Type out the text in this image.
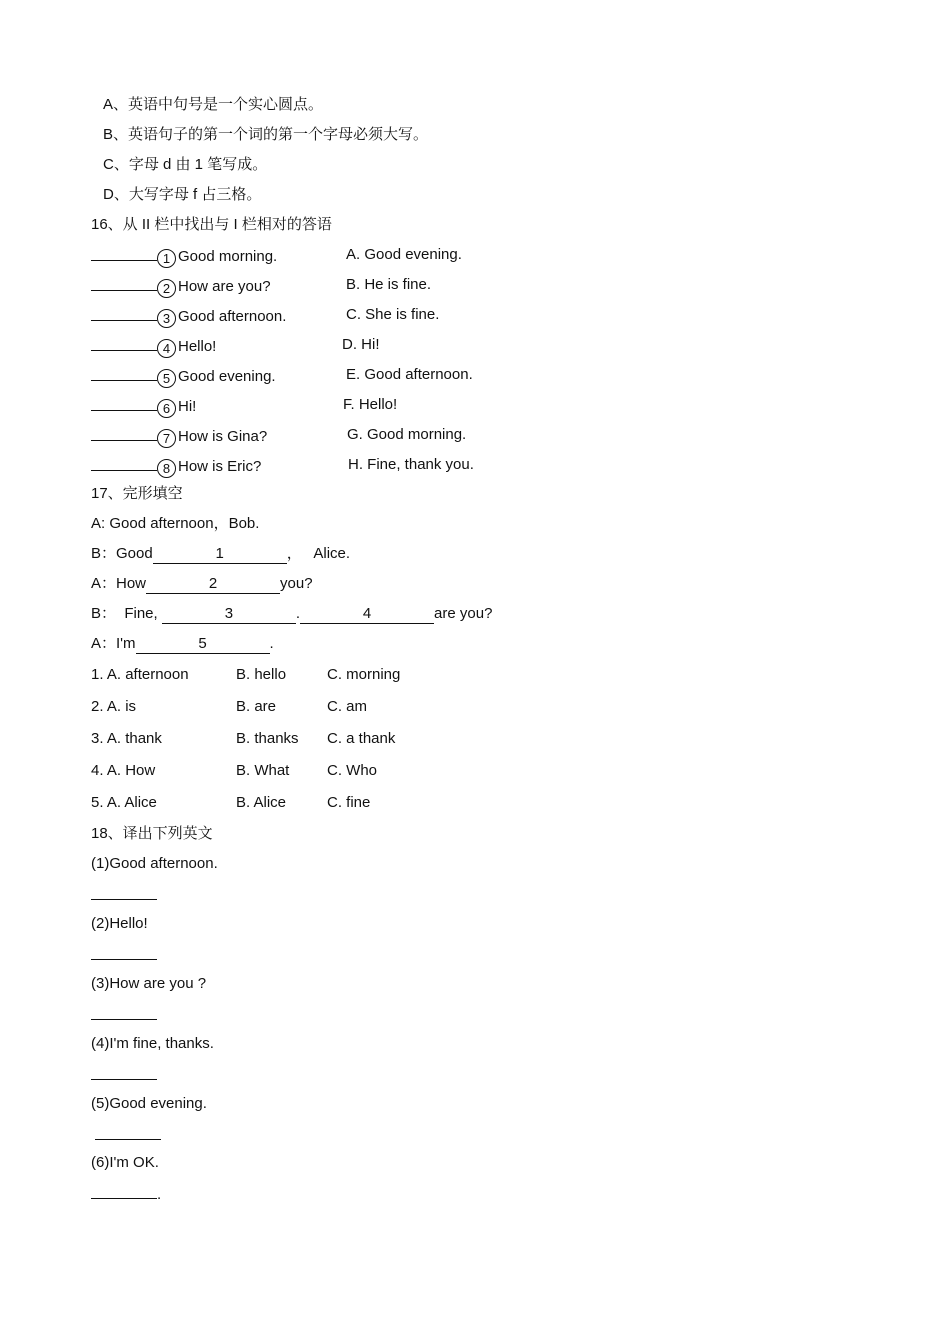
A、英语中句号是一个实心圆点。
B、英语句子的第一个词的第一个字母必须大写。
C、字母 d 由 1 笔写成。
D、大写字母 f 占三格。
16、从 II 栏中找出与 I 栏相对的答语
1 Good morning.	A. Good evening.
2 How are you?	B. He is fine.
3 Good afternoon.	C. She is fine.
4 Hello!	D. Hi!
5 Good evening.	E. Good afternoon.
6 Hi!	F. Hello!
7 How is Gina?	G. Good morning.
8 How is Eric?	H. Fine, thank you.
17、完形填空
A: Good afternoon，Bob.
B：Good	1	，   Alice.
A：How	2	you?
B：  Fine,	3	.	4	are you?
A：I'm	5	.
1. A. afternoon	B. hello	C. morning
2. A. is	B. are	C. am
3. A. thank	B. thanks C. a thank
4. A. How	B. What	C. Who
5. A. Alice	B. Alice	C. fine
18、译出下列英文
(1)Good afternoon.
(2)Hello!
(3)How are you ?
(4)I'm fine, thanks.
(5)Good evening.
(6)I'm OK.
.
